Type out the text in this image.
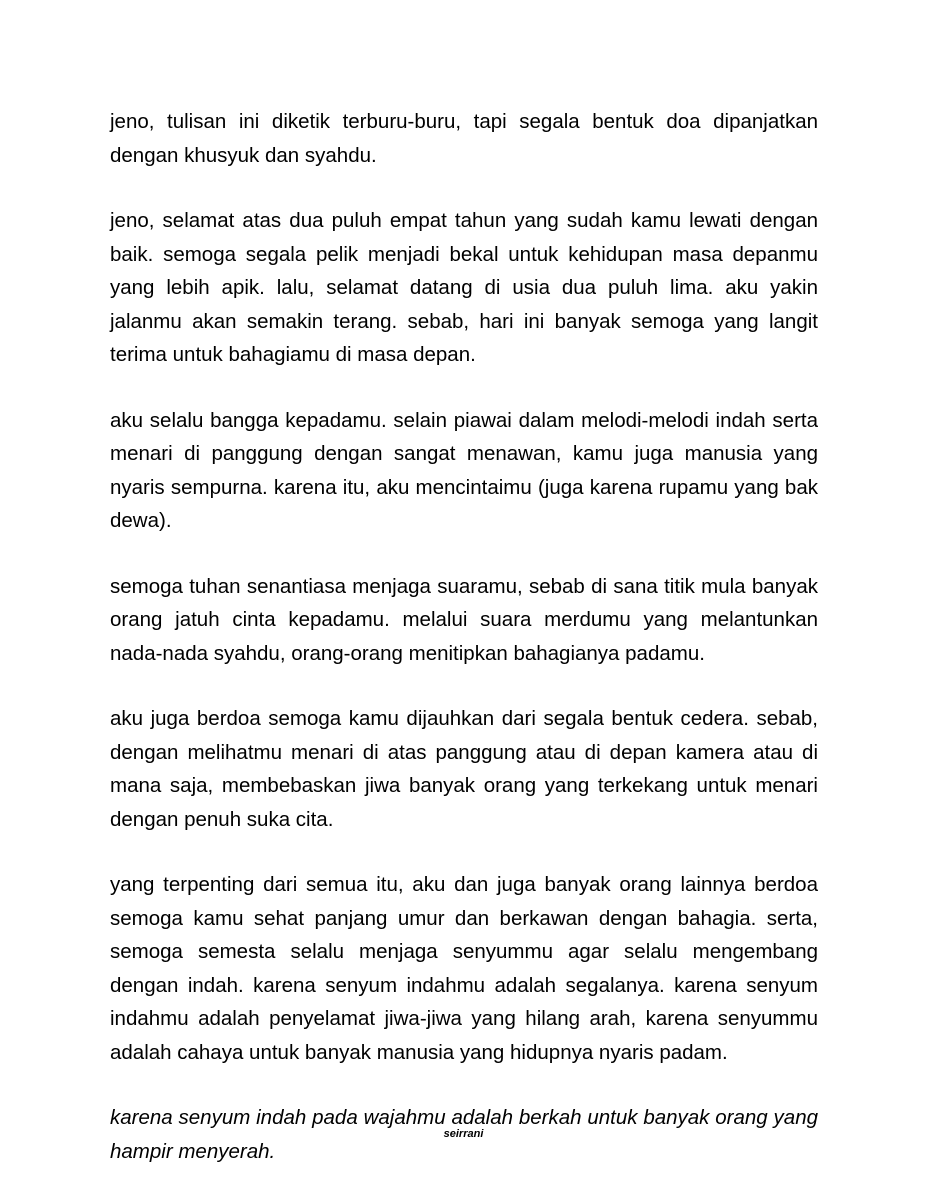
jeno, tulisan ini diketik terburu-buru, tapi segala bentuk doa dipanjatkan dengan khusyuk dan syahdu.

jeno, selamat atas dua puluh empat tahun yang sudah kamu lewati dengan baik. semoga segala pelik menjadi bekal untuk kehidupan masa depanmu yang lebih apik. lalu, selamat datang di usia dua puluh lima. aku yakin jalanmu akan semakin terang. sebab, hari ini banyak semoga yang langit terima untuk bahagiamu di masa depan.

aku selalu bangga kepadamu. selain piawai dalam melodi-melodi indah serta menari di panggung dengan sangat menawan, kamu juga manusia yang nyaris sempurna. karena itu, aku mencintaimu (juga karena rupamu yang bak dewa).

semoga tuhan senantiasa menjaga suaramu, sebab di sana titik mula banyak orang jatuh cinta kepadamu. melalui suara merdumu yang melantunkan nada-nada syahdu, orang-orang menitipkan bahagianya padamu.

aku juga berdoa semoga kamu dijauhkan dari segala bentuk cedera. sebab, dengan melihatmu menari di atas panggung atau di depan kamera atau di mana saja, membebaskan jiwa banyak orang yang terkekang untuk menari dengan penuh suka cita.

yang terpenting dari semua itu, aku dan juga banyak orang lainnya berdoa semoga kamu sehat panjang umur dan berkawan dengan bahagia. serta, semoga semesta selalu menjaga senyummu agar selalu mengembang dengan indah. karena senyum indahmu adalah segalanya. karena senyum indahmu adalah penyelamat jiwa-jiwa yang hilang arah, karena senyummu adalah cahaya untuk banyak manusia yang hidupnya nyaris padam.

karena senyum indah pada wajahmu adalah berkah untuk banyak orang yang hampir menyerah.

seirrani
